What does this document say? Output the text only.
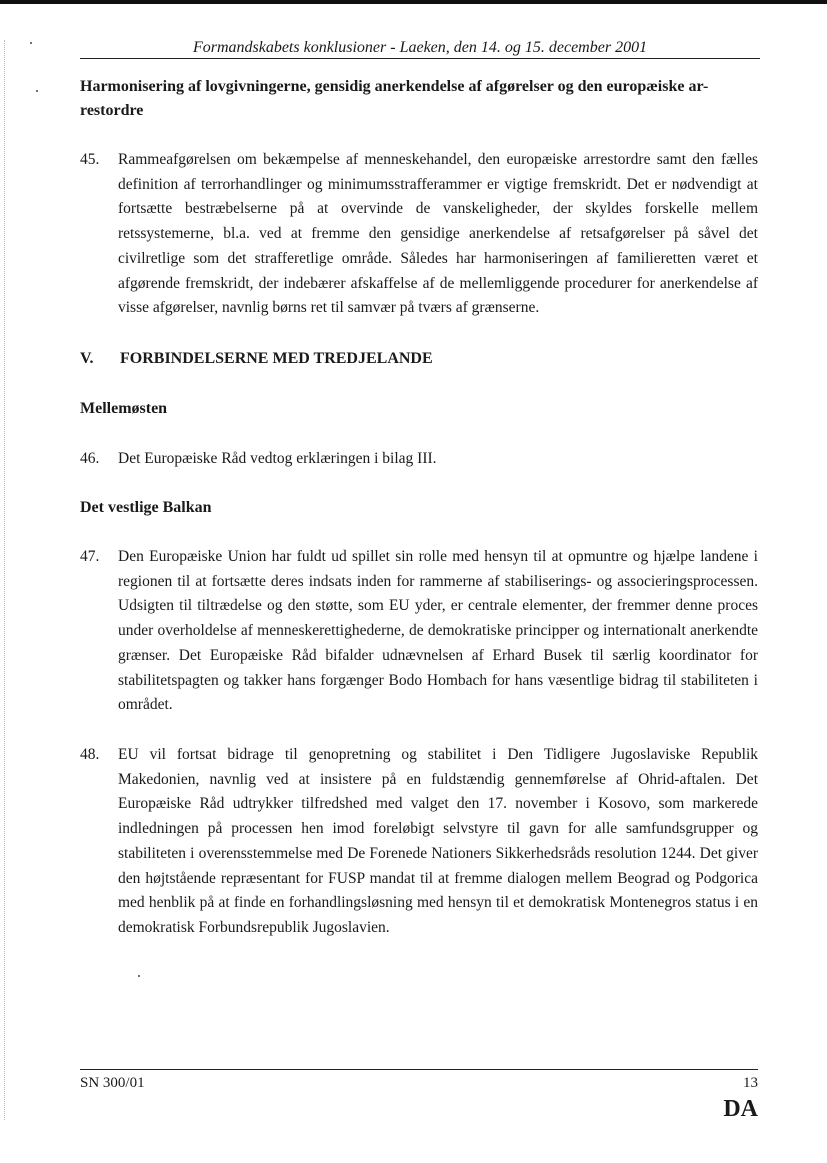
Formandskabets konklusioner - Laeken, den 14. og 15. december 2001
Harmonisering af lovgivningerne, gensidig anerkendelse af afgørelser og den europæiske ar-restordre
45. Rammeafgørelsen om bekæmpelse af menneskehandel, den europæiske arrestordre samt den fælles definition af terrorhandlinger og minimumsstrafferammer er vigtige fremskridt. Det er nødvendigt at fortsætte bestræbelserne på at overvinde de vanskeligheder, der skyldes forskelle mellem retssystemerne, bl.a. ved at fremme den gensidige anerkendelse af retsafgørelser på såvel det civilretlige som det strafferetlige område. Således har harmoniseringen af familieretten været et afgørende fremskridt, der indebærer afskaffelse af de mellemliggende procedurer for anerkendelse af visse afgørelser, navnlig børns ret til samvær på tværs af grænserne.
V. FORBINDELSERNE MED TREDJELANDE
Mellemøsten
46. Det Europæiske Råd vedtog erklæringen i bilag III.
Det vestlige Balkan
47. Den Europæiske Union har fuldt ud spillet sin rolle med hensyn til at opmuntre og hjælpe landene i regionen til at fortsætte deres indsats inden for rammerne af stabiliserings- og associeringsprocessen. Udsigten til tiltrædelse og den støtte, som EU yder, er centrale elementer, der fremmer denne proces under overholdelse af menneskerettighederne, de demokratiske principper og internationalt anerkendte grænser. Det Europæiske Råd bifalder udnævnelsen af Erhard Busek til særlig koordinator for stabilitetspagten og takker hans forgænger Bodo Hombach for hans væsentlige bidrag til stabiliteten i området.
48. EU vil fortsat bidrage til genopretning og stabilitet i Den Tidligere Jugoslaviske Republik Makedonien, navnlig ved at insistere på en fuldstændig gennemførelse af Ohrid-aftalen. Det Europæiske Råd udtrykker tilfredshed med valget den 17. november i Kosovo, som markerede indledningen på processen hen imod foreløbigt selvstyre til gavn for alle samfundsgrupper og stabiliteten i overensstemmelse med De Forenede Nationers Sikkerhedsråds resolution 1244. Det giver den højtstående repræsentant for FUSP mandat til at fremme dialogen mellem Beograd og Podgorica med henblik på at finde en forhandlingsløsning med hensyn til et demokratisk Montenegros status i en demokratisk Forbundsrepublik Jugoslavien.
SN 300/01	13
DA
